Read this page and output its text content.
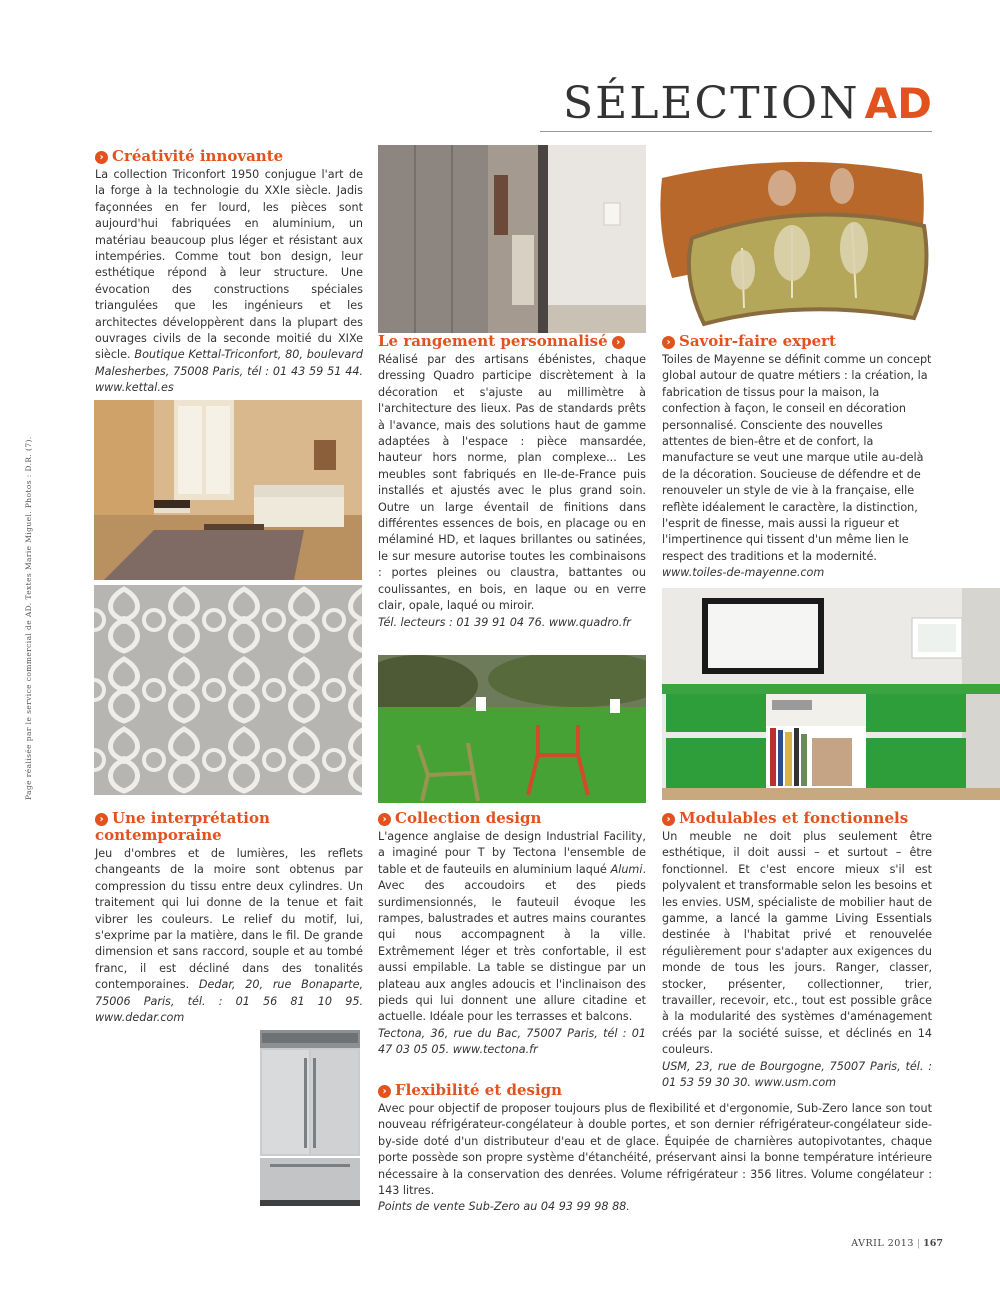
SÉLECTION AD
Page réalisée par le service commercial de AD. Textes Marie Miguel. Photos : D.R. (7).
› Créativité innovante
La collection Triconfort 1950 conjugue l'art de la forge à la technologie du XXIe siècle. Jadis façonnées en fer lourd, les pièces sont aujourd'hui fabriquées en aluminium, un matériau beaucoup plus léger et résistant aux intempéries. Comme tout bon design, leur esthétique répond à leur structure. Une évocation des constructions spéciales triangulées que les ingénieurs et les architectes développèrent dans la plupart des ouvrages civils de la seconde moitié du XIXe siècle. Boutique Kettal-Triconfort, 80, boulevard Malesherbes, 75008 Paris, tél : 01 43 59 51 44. www.kettal.es
› Une interprétation
contemporaine
Jeu d'ombres et de lumières, les reflets changeants de la moire sont obtenus par compression du tissu entre deux cylindres. Un traitement qui lui donne de la tenue et fait vibrer les couleurs. Le relief du motif, lui, s'exprime par la matière, dans le fil. De grande dimension et sans raccord, souple et au tombé franc, il est décliné dans des tonalités contemporaines. Dedar, 20, rue Bonaparte, 75006 Paris, tél. : 01 56 81 10 95. www.dedar.com
Le rangement personnalisé ›
Réalisé par des artisans ébénistes, chaque dressing Quadro participe discrètement à la décoration et s'ajuste au millimètre à l'architecture des lieux. Pas de standards prêts à l'avance, mais des solutions haut de gamme adaptées à l'espace : pièce mansardée, hauteur hors norme, plan complexe... Les meubles sont fabriqués en Ile-de-France puis installés et ajustés avec le plus grand soin. Outre un large éventail de finitions dans différentes essences de bois, en placage ou en mélaminé HD, et laques brillantes ou satinées, le sur mesure autorise toutes les combinaisons : portes pleines ou claustra, battantes ou coulissantes, en bois, en laque ou en verre clair, opale, laqué ou miroir.
Tél. lecteurs : 01 39 91 04 76. www.quadro.fr
› Collection design
L'agence anglaise de design Industrial Facility, a imaginé pour T by Tectona l'ensemble de table et de fauteuils en aluminium laqué Alumi. Avec des accoudoirs et des pieds surdimensionnés, le fauteuil évoque les rampes, balustrades et autres mains courantes qui nous accompagnent à la ville. Extrêmement léger et très confortable, il est aussi empilable. La table se distingue par un plateau aux angles adoucis et l'inclinaison des pieds qui lui donnent une allure citadine et actuelle. Idéale pour les terrasses et balcons.
Tectona, 36, rue du Bac, 75007 Paris, tél : 01 47 03 05 05. www.tectona.fr
› Savoir-faire expert
Toiles de Mayenne se définit comme un concept global autour de quatre métiers : la création, la fabrication de tissus pour la maison, la confection à façon, le conseil en décoration personnalisé. Consciente des nouvelles attentes de bien-être et de confort, la manufacture se veut une marque utile au-delà de la décoration. Soucieuse de défendre et de renouveler un style de vie à la française, elle reflète idéalement le caractère, la distinction, l'esprit de finesse, mais aussi la rigueur et l'impertinence qui tissent d'un même lien le respect des traditions et la modernité.
www.toiles-de-mayenne.com
› Modulables et fonctionnels
Un meuble ne doit plus seulement être esthétique, il doit aussi – et surtout – être fonctionnel. Et c'est encore mieux s'il est polyvalent et transformable selon les besoins et les envies. USM, spécialiste de mobilier haut de gamme, a lancé la gamme Living Essentials destinée à l'habitat privé et renouvelée régulièrement pour s'adapter aux exigences du monde de tous les jours. Ranger, classer, stocker, présenter, collectionner, trier, travailler, recevoir, etc., tout est possible grâce à la modularité des systèmes d'aménagement créés par la société suisse, et déclinés en 14 couleurs.
USM, 23, rue de Bourgogne, 75007 Paris, tél. : 01 53 59 30 30. www.usm.com
› Flexibilité et design
Avec pour objectif de proposer toujours plus de flexibilité et d'ergonomie, Sub-Zero lance son tout nouveau réfrigérateur-congélateur à double portes, et son dernier réfrigérateur-congélateur side-by-side doté d'un distributeur d'eau et de glace. Équipée de charnières autopivotantes, chaque porte possède son propre système d'étanchéité, préservant ainsi la bonne température intérieure nécessaire à la conservation des denrées. Volume réfrigérateur : 356 litres. Volume congélateur : 143 litres.
Points de vente Sub-Zero au 04 93 99 98 88.
AVRIL 2013 | 167
